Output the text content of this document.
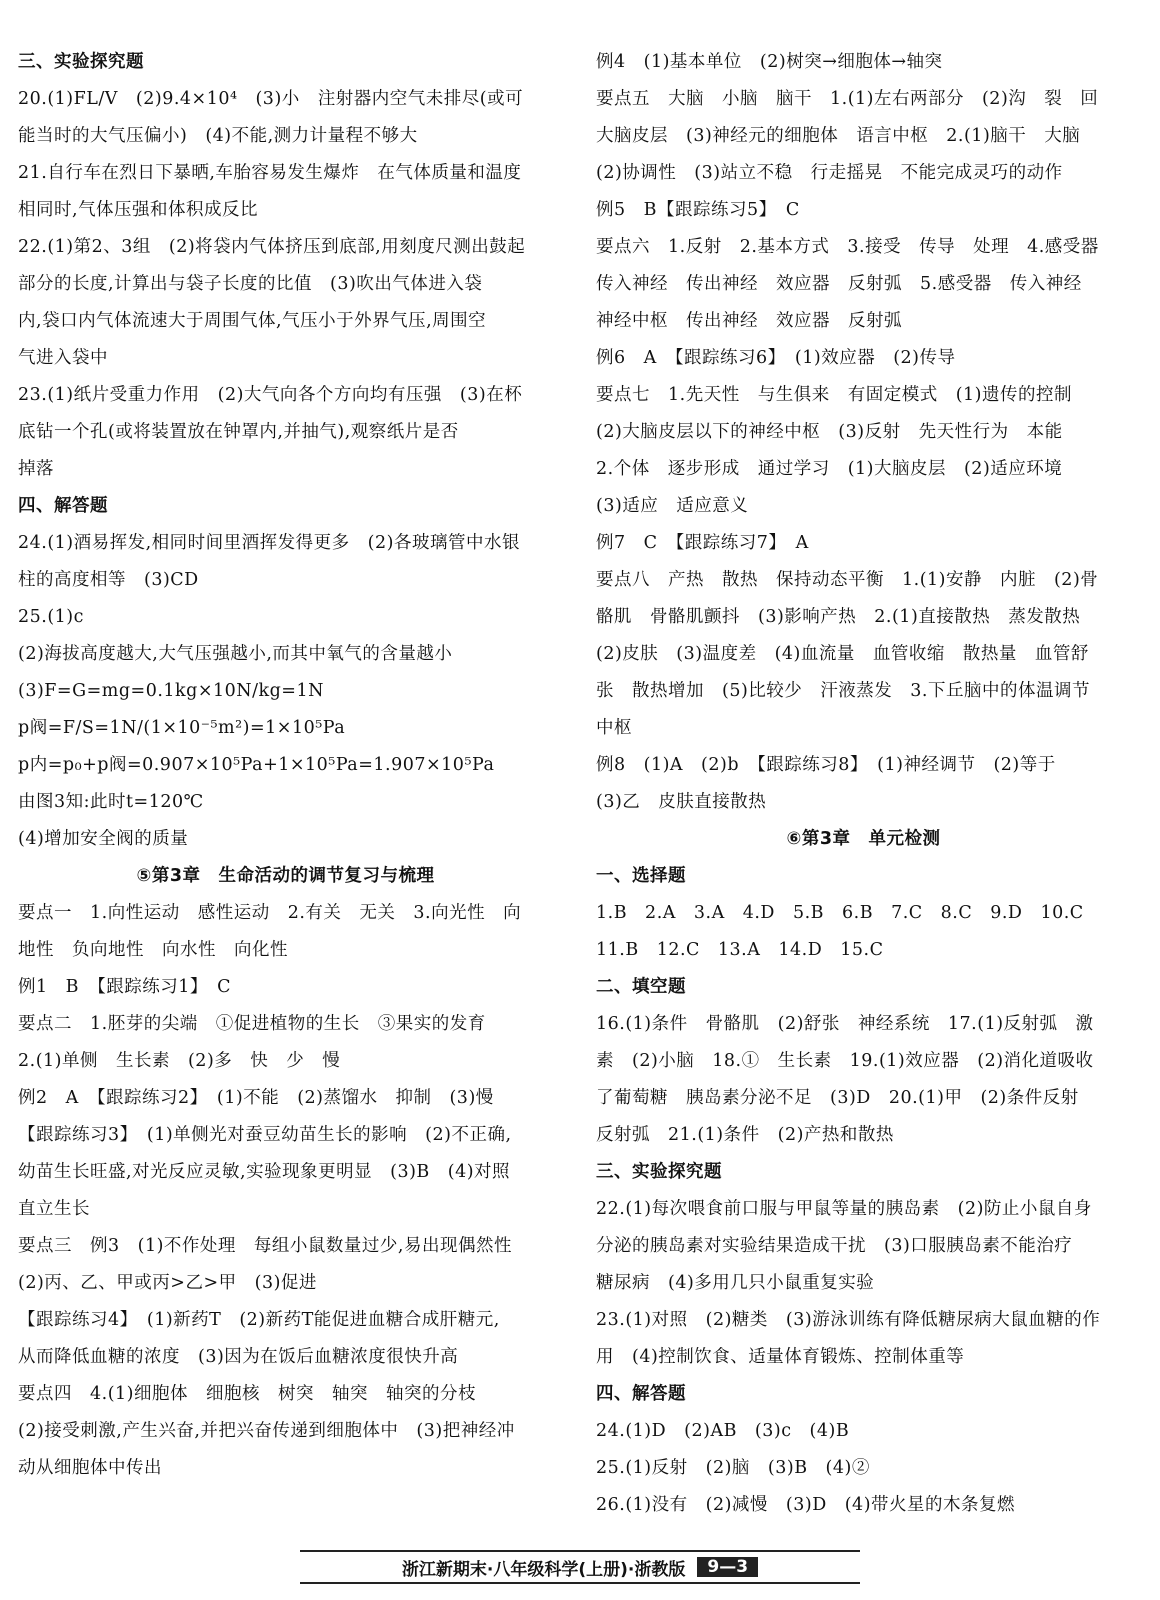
三、实验探究题
20.(1)FL/V　(2)9.4×10⁴　(3)小　注射器内空气未排尽(或可
能当时的大气压偏小)　(4)不能,测力计量程不够大
21.自行车在烈日下暴晒,车胎容易发生爆炸　在气体质量和温度
相同时,气体压强和体积成反比
22.(1)第2、3组　(2)将袋内气体挤压到底部,用刻度尺测出鼓起
部分的长度,计算出与袋子长度的比值　(3)吹出气体进入袋
内,袋口内气体流速大于周围气体,气压小于外界气压,周围空
气进入袋中
23.(1)纸片受重力作用　(2)大气向各个方向均有压强　(3)在杯
底钻一个孔(或将装置放在钟罩内,并抽气),观察纸片是否
掉落
四、解答题
24.(1)酒易挥发,相同时间里酒挥发得更多　(2)各玻璃管中水银
柱的高度相等　(3)CD
25.(1)c
(2)海拔高度越大,大气压强越小,而其中氧气的含量越小
(3)F=G=mg=0.1kg×10N/kg=1N
p阀=F/S=1N/(1×10⁻⁵m²)=1×10⁵Pa
p内=p₀+p阀=0.907×10⁵Pa+1×10⁵Pa=1.907×10⁵Pa
由图3知:此时t=120℃
(4)增加安全阀的质量
⑤第3章　生命活动的调节复习与梳理
要点一　1.向性运动　感性运动　2.有关　无关　3.向光性　向
地性　负向地性　向水性　向化性
例1　B　【跟踪练习1】　C
要点二　1.胚芽的尖端　①促进植物的生长　③果实的发育
2.(1)单侧　生长素　(2)多　快　少　慢
例2　A　【跟踪练习2】　(1)不能　(2)蒸馏水　抑制　(3)慢
【跟踪练习3】　(1)单侧光对蚕豆幼苗生长的影响　(2)不正确,
幼苗生长旺盛,对光反应灵敏,实验现象更明显　(3)B　(4)对照
直立生长
要点三　例3　(1)不作处理　每组小鼠数量过少,易出现偶然性
(2)丙、乙、甲或丙>乙>甲　(3)促进
【跟踪练习4】　(1)新药T　(2)新药T能促进血糖合成肝糖元,
从而降低血糖的浓度　(3)因为在饭后血糖浓度很快升高
要点四　4.(1)细胞体　细胞核　树突　轴突　轴突的分枝
(2)接受刺激,产生兴奋,并把兴奋传递到细胞体中　(3)把神经冲
动从细胞体中传出
例4　(1)基本单位　(2)树突→细胞体→轴突
要点五　大脑　小脑　脑干　1.(1)左右两部分　(2)沟　裂　回
大脑皮层　(3)神经元的细胞体　语言中枢　2.(1)脑干　大脑
(2)协调性　(3)站立不稳　行走摇晃　不能完成灵巧的动作
例5　B【跟踪练习5】　C
要点六　1.反射　2.基本方式　3.接受　传导　处理　4.感受器
传入神经　传出神经　效应器　反射弧　5.感受器　传入神经
神经中枢　传出神经　效应器　反射弧
例6　A　【跟踪练习6】　(1)效应器　(2)传导
要点七　1.先天性　与生俱来　有固定模式　(1)遗传的控制
(2)大脑皮层以下的神经中枢　(3)反射　先天性行为　本能
2.个体　逐步形成　通过学习　(1)大脑皮层　(2)适应环境
(3)适应　适应意义
例7　C　【跟踪练习7】　A
要点八　产热　散热　保持动态平衡　1.(1)安静　内脏　(2)骨
骼肌　骨骼肌颤抖　(3)影响产热　2.(1)直接散热　蒸发散热
(2)皮肤　(3)温度差　(4)血流量　血管收缩　散热量　血管舒
张　散热增加　(5)比较少　汗液蒸发　3.下丘脑中的体温调节
中枢
例8　(1)A　(2)b　【跟踪练习8】　(1)神经调节　(2)等于
(3)乙　皮肤直接散热
⑥第3章　单元检测
一、选择题
1.B　2.A　3.A　4.D　5.B　6.B　7.C　8.C　9.D　10.C
11.B　12.C　13.A　14.D　15.C
二、填空题
16.(1)条件　骨骼肌　(2)舒张　神经系统　17.(1)反射弧　激
素　(2)小脑　18.①　生长素　19.(1)效应器　(2)消化道吸收
了葡萄糖　胰岛素分泌不足　(3)D　20.(1)甲　(2)条件反射
反射弧　21.(1)条件　(2)产热和散热
三、实验探究题
22.(1)每次喂食前口服与甲鼠等量的胰岛素　(2)防止小鼠自身
分泌的胰岛素对实验结果造成干扰　(3)口服胰岛素不能治疗
糖尿病　(4)多用几只小鼠重复实验
23.(1)对照　(2)糖类　(3)游泳训练有降低糖尿病大鼠血糖的作
用　(4)控制饮食、适量体育锻炼、控制体重等
四、解答题
24.(1)D　(2)AB　(3)c　(4)B
25.(1)反射　(2)脑　(3)B　(4)②
26.(1)没有　(2)减慢　(3)D　(4)带火星的木条复燃
浙江新期末·八年级科学(上册)·浙教版	9—3
